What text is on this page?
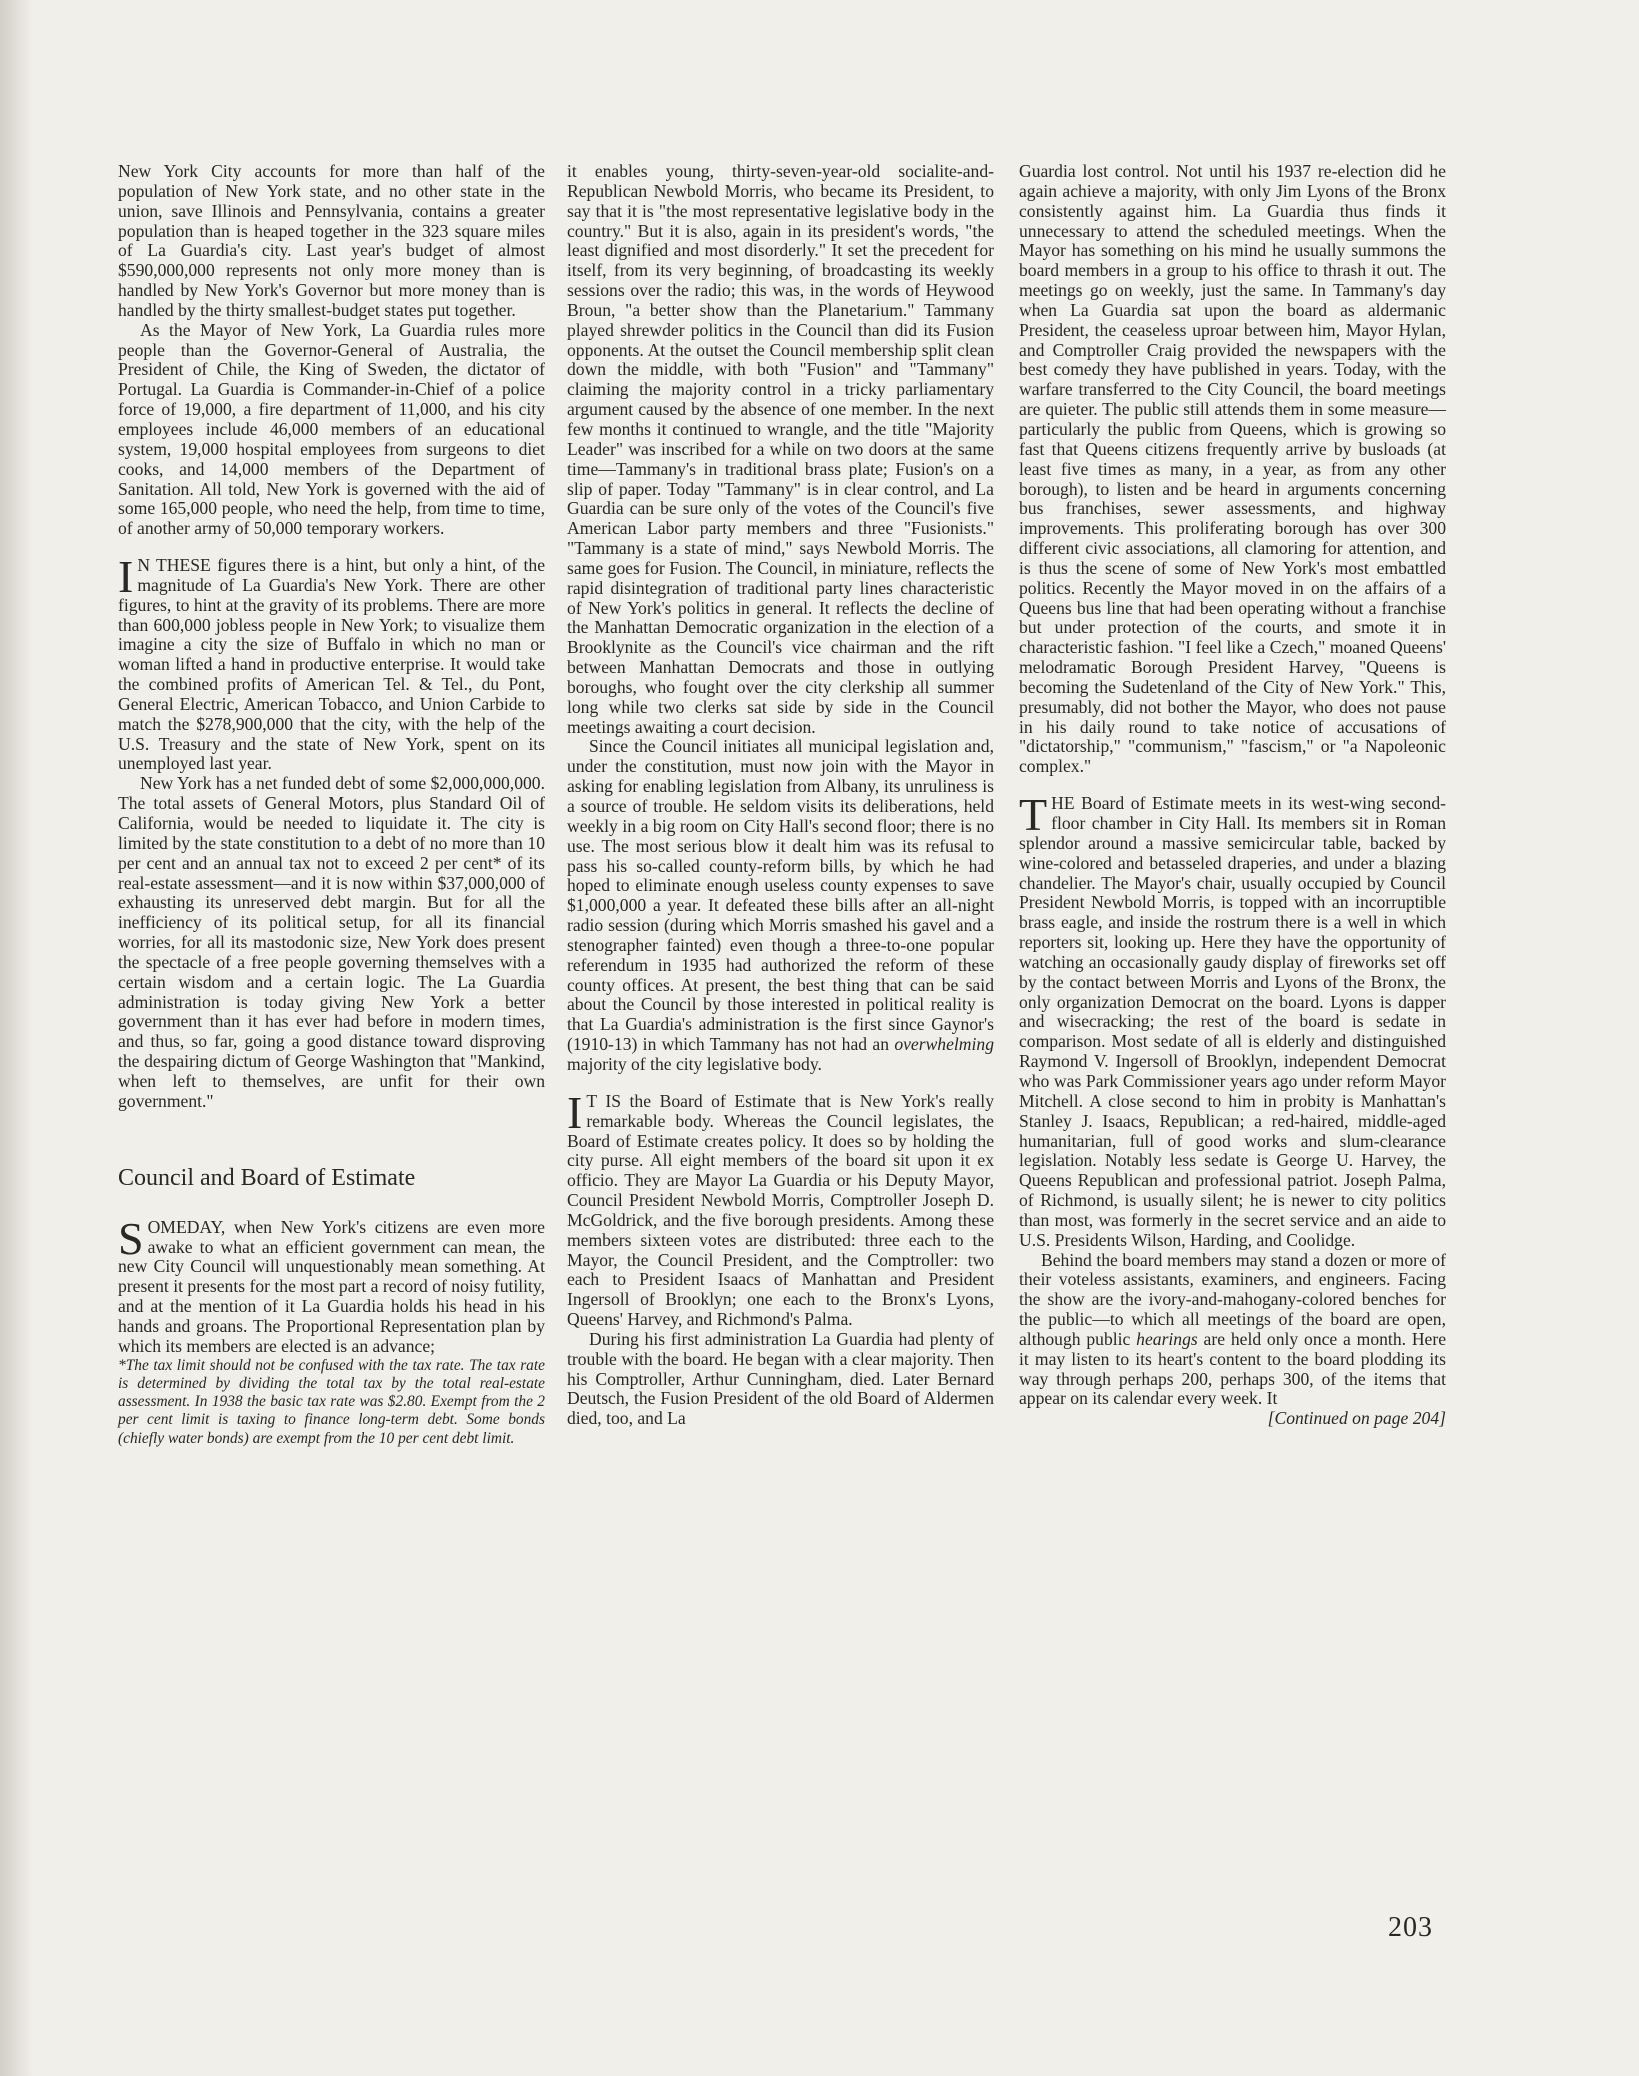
New York City accounts for more than half of the population of New York state, and no other state in the union, save Illinois and Pennsylvania, contains a greater population than is heaped together in the 323 square miles of La Guardia's city. Last year's budget of almost $590,000,000 represents not only more money than is handled by New York's Governor but more money than is handled by the thirty smallest-budget states put together.

As the Mayor of New York, La Guardia rules more people than the Governor-General of Australia, the President of Chile, the King of Sweden, the dictator of Portugal. La Guardia is Commander-in-Chief of a police force of 19,000, a fire department of 11,000, and his city employees include 46,000 members of an educational system, 19,000 hospital employees from surgeons to diet cooks, and 14,000 members of the Department of Sanitation. All told, New York is governed with the aid of some 165,000 people, who need the help, from time to time, of another army of 50,000 temporary workers.

I N THESE figures there is a hint, but only a hint, of the magnitude of La Guardia's New York. There are other figures, to hint at the gravity of its problems. There are more than 600,000 jobless people in New York; to visualize them imagine a city the size of Buffalo in which no man or woman lifted a hand in productive enterprise. It would take the combined profits of American Tel. & Tel., du Pont, General Electric, American Tobacco, and Union Carbide to match the $278,900,000 that the city, with the help of the U.S. Treasury and the state of New York, spent on its unemployed last year.

New York has a net funded debt of some $2,000,000,000. The total assets of General Motors, plus Standard Oil of California, would be needed to liquidate it. The city is limited by the state constitution to a debt of no more than 10 per cent and an annual tax not to exceed 2 per cent* of its real-estate assessment—and it is now within $37,000,000 of exhausting its unreserved debt margin. But for all the inefficiency of its political setup, for all its financial worries, for all its mastodonic size, New York does present the spectacle of a free people governing themselves with a certain wisdom and a certain logic. The La Guardia administration is today giving New York a better government than it has ever had before in modern times, and thus, so far, going a good distance toward disproving the despairing dictum of George Washington that "Mankind, when left to themselves, are unfit for their own government."

Council and Board of Estimate

SOMEDAY, when New York's citizens are even more awake to what an efficient government can mean, the new City Council will unquestionably mean something. At present it presents for the most part a record of noisy futility, and at the mention of it La Guardia holds his head in his hands and groans. The Proportional Representation plan by which its members are elected is an advance;

*The tax limit should not be confused with the tax rate. The tax rate is determined by dividing the total tax by the total real-estate assessment. In 1938 the basic tax rate was $2.80. Exempt from the 2 per cent limit is taxing to finance long-term debt. Some bonds (chiefly water bonds) are exempt from the 10 per cent debt limit.

it enables young, thirty-seven-year-old socialite-and-Republican Newbold Morris, who became its President, to say that it is "the most representative legislative body in the country." But it is also, again in its president's words, "the least dignified and most disorderly." It set the precedent for itself, from its very beginning, of broadcasting its weekly sessions over the radio; this was, in the words of Heywood Broun, "a better show than the Planetarium." Tammany played shrewder politics in the Council than did its Fusion opponents. At the outset the Council membership split clean down the middle, with both "Fusion" and "Tammany" claiming the majority control in a tricky parliamentary argument caused by the absence of one member. In the next few months it continued to wrangle, and the title "Majority Leader" was inscribed for a while on two doors at the same time—Tammany's in traditional brass plate; Fusion's on a slip of paper. Today "Tammany" is in clear control, and La Guardia can be sure only of the votes of the Council's five American Labor party members and three "Fusionists." "Tammany is a state of mind," says Newbold Morris. The same goes for Fusion. The Council, in miniature, reflects the rapid disintegration of traditional party lines characteristic of New York's politics in general. It reflects the decline of the Manhattan Democratic organization in the election of a Brooklynite as the Council's vice chairman and the rift between Manhattan Democrats and those in outlying boroughs, who fought over the city clerkship all summer long while two clerks sat side by side in the Council meetings awaiting a court decision.

Since the Council initiates all municipal legislation and, under the constitution, must now join with the Mayor in asking for enabling legislation from Albany, its unruliness is a source of trouble. He seldom visits its deliberations, held weekly in a big room on City Hall's second floor; there is no use. The most serious blow it dealt him was its refusal to pass his so-called county-reform bills, by which he had hoped to eliminate enough useless county expenses to save $1,000,000 a year. It defeated these bills after an all-night radio session (during which Morris smashed his gavel and a stenographer fainted) even though a three-to-one popular referendum in 1935 had authorized the reform of these county offices. At present, the best thing that can be said about the Council by those interested in political reality is that La Guardia's administration is the first since Gaynor's (1910-13) in which Tammany has not had an overwhelming majority of the city legislative body.

I T IS the Board of Estimate that is New York's really remarkable body. Whereas the Council legislates, the Board of Estimate creates policy. It does so by holding the city purse. All eight members of the board sit upon it ex officio. They are Mayor La Guardia or his Deputy Mayor, Council President Newbold Morris, Comptroller Joseph D. McGoldrick, and the five borough presidents. Among these members sixteen votes are distributed: three each to the Mayor, the Council President, and the Comptroller: two each to President Isaacs of Manhattan and President Ingersoll of Brooklyn; one each to the Bronx's Lyons, Queens' Harvey, and Richmond's Palma.

During his first administration La Guardia had plenty of trouble with the board. He began with a clear majority. Then his Comptroller, Arthur Cunningham, died. Later Bernard Deutsch, the Fusion President of the old Board of Aldermen died, too, and La

Guardia lost control. Not until his 1937 re-election did he again achieve a majority, with only Jim Lyons of the Bronx consistently against him. La Guardia thus finds it unnecessary to attend the scheduled meetings. When the Mayor has something on his mind he usually summons the board members in a group to his office to thrash it out. The meetings go on weekly, just the same. In Tammany's day when La Guardia sat upon the board as aldermanic President, the ceaseless uproar between him, Mayor Hylan, and Comptroller Craig provided the newspapers with the best comedy they have published in years. Today, with the warfare transferred to the City Council, the board meetings are quieter. The public still attends them in some measure—particularly the public from Queens, which is growing so fast that Queens citizens frequently arrive by busloads (at least five times as many, in a year, as from any other borough), to listen and be heard in arguments concerning bus franchises, sewer assessments, and highway improvements. This proliferating borough has over 300 different civic associations, all clamoring for attention, and is thus the scene of some of New York's most embattled politics. Recently the Mayor moved in on the affairs of a Queens bus line that had been operating without a franchise but under protection of the courts, and smote it in characteristic fashion. "I feel like a Czech," moaned Queens' melodramatic Borough President Harvey, "Queens is becoming the Sudetenland of the City of New York." This, presumably, did not bother the Mayor, who does not pause in his daily round to take notice of accusations of "dictatorship," "communism," "fascism," or "a Napoleonic complex."

THE Board of Estimate meets in its west-wing second-floor chamber in City Hall. Its members sit in Roman splendor around a massive semicircular table, backed by wine-colored and betasseled draperies, and under a blazing chandelier. The Mayor's chair, usually occupied by Council President Newbold Morris, is topped with an incorruptible brass eagle, and inside the rostrum there is a well in which reporters sit, looking up. Here they have the opportunity of watching an occasionally gaudy display of fireworks set off by the contact between Morris and Lyons of the Bronx, the only organization Democrat on the board. Lyons is dapper and wisecracking; the rest of the board is sedate in comparison. Most sedate of all is elderly and distinguished Raymond V. Ingersoll of Brooklyn, independent Democrat who was Park Commissioner years ago under reform Mayor Mitchell. A close second to him in probity is Manhattan's Stanley J. Isaacs, Republican; a red-haired, middle-aged humanitarian, full of good works and slum-clearance legislation. Notably less sedate is George U. Harvey, the Queens Republican and professional patriot. Joseph Palma, of Richmond, is usually silent; he is newer to city politics than most, was formerly in the secret service and an aide to U.S. Presidents Wilson, Harding, and Coolidge.

Behind the board members may stand a dozen or more of their voteless assistants, examiners, and engineers. Facing the show are the ivory-and-mahogany-colored benches for the public—to which all meetings of the board are open, although public hearings are held only once a month. Here it may listen to its heart's content to the board plodding its way through perhaps 200, perhaps 300, of the items that appear on its calendar every week. It

[Continued on page 204]

203
